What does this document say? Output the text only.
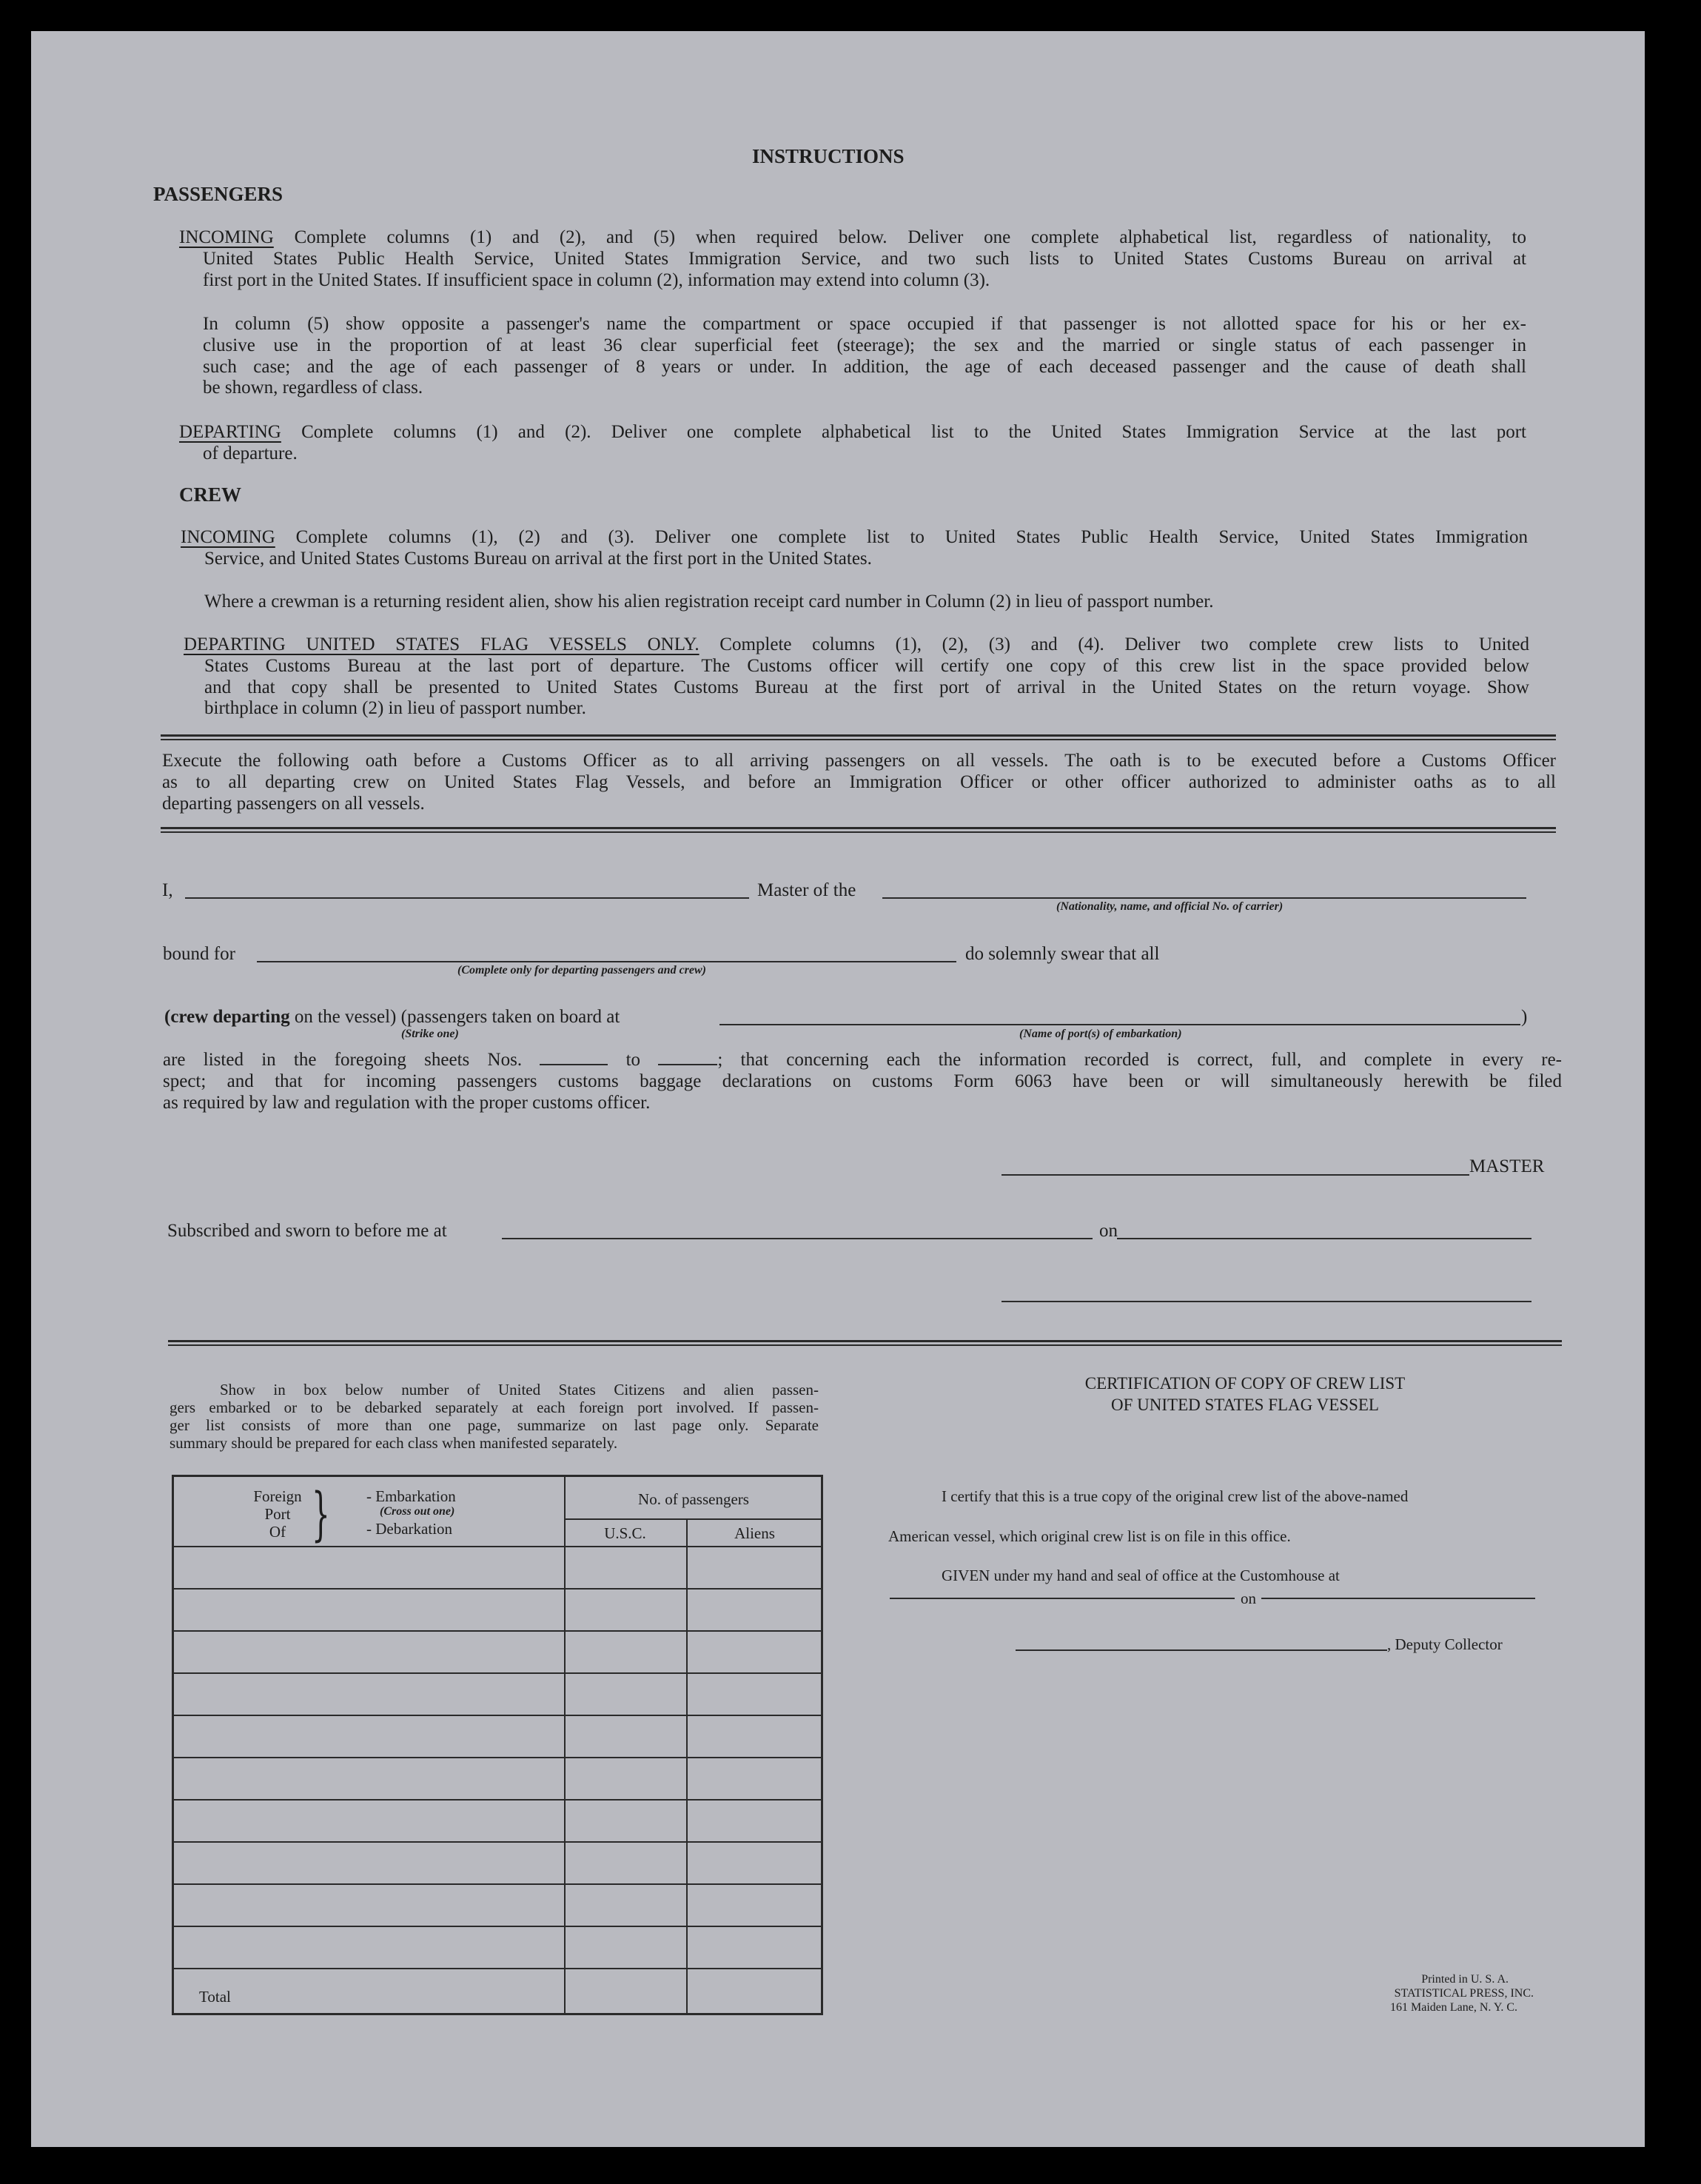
INSTRUCTIONS
PASSENGERS
INCOMING Complete columns (1) and (2), and (5) when required below. Deliver one complete alphabetical list, regardless of nationality, to
United States Public Health Service, United States Immigration Service, and two such lists to United States Customs Bureau on arrival at
first port in the United States. If insufficient space in column (2), information may extend into column (3).
In column (5) show opposite a passenger's name the compartment or space occupied if that passenger is not allotted space for his or her ex-
clusive use in the proportion of at least 36 clear superficial feet (steerage); the sex and the married or single status of each passenger in
such case; and the age of each passenger of 8 years or under. In addition, the age of each deceased passenger and the cause of death shall
be shown, regardless of class.
DEPARTING Complete columns (1) and (2). Deliver one complete alphabetical list to the United States Immigration Service at the last port
of departure.
CREW
INCOMING Complete columns (1), (2) and (3). Deliver one complete list to United States Public Health Service, United States Immigration
Service, and United States Customs Bureau on arrival at the first port in the United States.
Where a crewman is a returning resident alien, show his alien registration receipt card number in Column (2) in lieu of passport number.
DEPARTING UNITED STATES FLAG VESSELS ONLY. Complete columns (1), (2), (3) and (4). Deliver two complete crew lists to United
States Customs Bureau at the last port of departure. The Customs officer will certify one copy of this crew list in the space provided below
and that copy shall be presented to United States Customs Bureau at the first port of arrival in the United States on the return voyage. Show
birthplace in column (2) in lieu of passport number.
Execute the following oath before a Customs Officer as to all arriving passengers on all vessels. The oath is to be executed before a Customs Officer
as to all departing crew on United States Flag Vessels, and before an Immigration Officer or other officer authorized to administer oaths as to all
departing passengers on all vessels.
I,	Master of the
(Nationality, name, and official No. of carrier)
bound for	do solemnly swear that all
(Complete only for departing passengers and crew)
(crew departing on the vessel) (passengers taken on board at	)
(Strike one)	(Name of port(s) of embarkation)
are listed in the foregoing sheets Nos.	to	; that concerning each the information recorded is correct, full, and complete in every re-
spect; and that for incoming passengers customs baggage declarations on customs Form 6063 have been or will simultaneously herewith be filed
as required by law and regulation with the proper customs officer.
MASTER
Subscribed and sworn to before me at	on
Show in box below number of United States Citizens and alien passen-
gers embarked or to be debarked separately at each foreign port involved. If passen-
ger list consists of more than one page, summarize on last page only. Separate
summary should be prepared for each class when manifested separately.
Foreign
Port
Of } - Embarkation
(Cross out one)
- Debarkation
No. of passengers
U.S.C.	Aliens
Total
CERTIFICATION OF COPY OF CREW LIST
OF UNITED STATES FLAG VESSEL
I certify that this is a true copy of the original crew list of the above-named
American vessel, which original crew list is on file in this office.
GIVEN under my hand and seal of office at the Customhouse at
on
, Deputy Collector
Printed in U. S. A.
STATISTICAL PRESS, INC.
161 Maiden Lane, N. Y. C.
